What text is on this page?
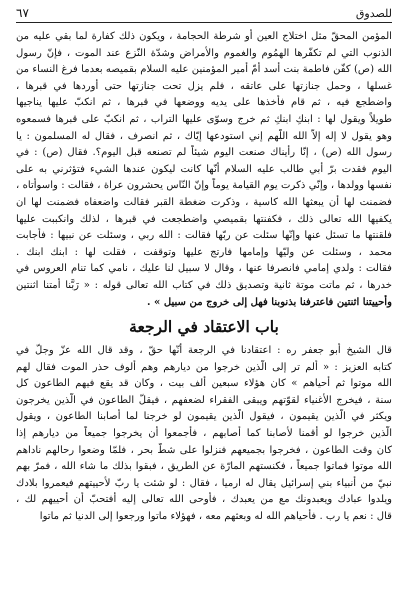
للصدوق
٦٧
المؤمن المحقّ مثل اختلاج العين أو شرطة الحجامة ، ويكون ذلك كفارة لما بقي عليه من
الذنوب التي لم تكفّرها الهمُوم والغموم والأمراض وشدّة النّزع عند الموت ، فإنّ رسول
الله (ص) كفّن فاطمة بنت أسد أمّ أمير المؤمنين عليه السلام بقميصه بعدما فرغ النساء من
غسلها ، وحمل جنازتها على عاتقه ، فلم يزل تحت جنازتها حتى أوردها في قبرها ،
واضطجع فيه ، ثم قام فأخذها على يديه ووضعها في قبرها ، ثم انكبّ عليها يناجيها
طويلاً ويقول لها : ابنكِ ابنكِ ثم خرج وسوّى عليها التراب ، ثم انكبّ على قبرها فسمعوه
وهو يقول لا إله إلاّ الله اللّهم إني استودعها إيّاك ، ثم انصرف ، فقال له المسلمون : يا
رسول الله (ص) ، إنّا رأيناك صنعت اليوم شيئاً لم تصنعه قبل اليوم؟. فقال (ص) : في
اليوم فقدت برّ أبي طالب عليه السلام أنّها كانت ليكون عندها الشيء فتؤثرني به على
نفسها وولدها ، وإنّي ذكرت يوم القيامة يوماً وإنّ النّاس يحشرون عراة ، فقالت : واسوأتاه ،
فضمنت لها أن يبعثها الله كاسية ، وذكرت ضغطة القبر فقالت واضعفاه فضمنت لها ان
يكفيها الله تعالى ذلك ، فكفنتها بقميصي واضطجعت في قبرها ، لذلك وانكببت عليها
فلقنتها ما تسئل عنها وإنّها سئلت عن ربّها فقالت : الله ربي ، وسئلت عن نبيها : فأجابت
محمد ، وسئلت عن وليّها وإمامها فارتج عليها وتوقفت ، فقلت لها : ابنك ابنك .
فقالت : ولدي إمامي فانصرفا عنها ، وقال لا سبيل لنا عليك ، نامي كما تنام العروس في
خدرها ، ثم ماتت موتة ثانية وتصديق ذلك في كتاب الله تعالى قوله : « رَبَّنا أمتنا اثنتين
وأحييتنا اثنتين فاعترفنا بذنوبنا فهل إلى خروج من سبيل » .
باب الاعتقاد في الرجعة
قال الشيخ أبو جعفر ره : اعتقادنا في الرجعة أنّها حقّ ، وقد قال الله عزّ وجلّ في
كتابه العزيز : « ألم تر إلى الّذين خرجوا من ديارهم وهم ألوف حذر الموت فقال لهم
الله موتوا ثم أحياهم » كان هؤلاء سبعين ألف بيت ، وكان قد يقع فيهم الطاعون كل
سنة ، فيخرج الأغنياء لقوّتهم ويبقى الفقراء لضعفهم ، فيقلّ الطاعون في الّذين يخرجون
ويكثر في الّذين يقيمون ، فيقول الّذين يقيمون لو خرجنا لما أصابنا الطاعون ، ويقول
الّذين خرجوا لو أقمنا لأصابنا كما أصابهم ، فأجمعوا أن يخرجوا جميعاً من ديارهم إذا
كان وقت الطاعون ، فخرجوا بجميعهم فنزلوا على شطّ بحر ، فلمّا وضعوا رحالهم ناداهم
الله موتوا فماتوا جميعاً ، فكنستهم المارّة عن الطريق ، فبقوا بذلك ما شاء الله ، فمرّ بهم
نبيّ من أنبياء بني إسرائيل يقال له ارميا ، فقال : لو شئت يا ربّ لأحييتهم فيعمروا بلادك
ويلدوا عبادك ويعبدونك مع من يعبدك ، فأوحى الله تعالى إليه أفتحبّ أن أحييهم لك ،
قال : نعم يا رب . فأحياهم الله له وبعثهم معه ، فهؤلاء ماتوا ورجعوا إلى الدنيا ثم ماتوا
